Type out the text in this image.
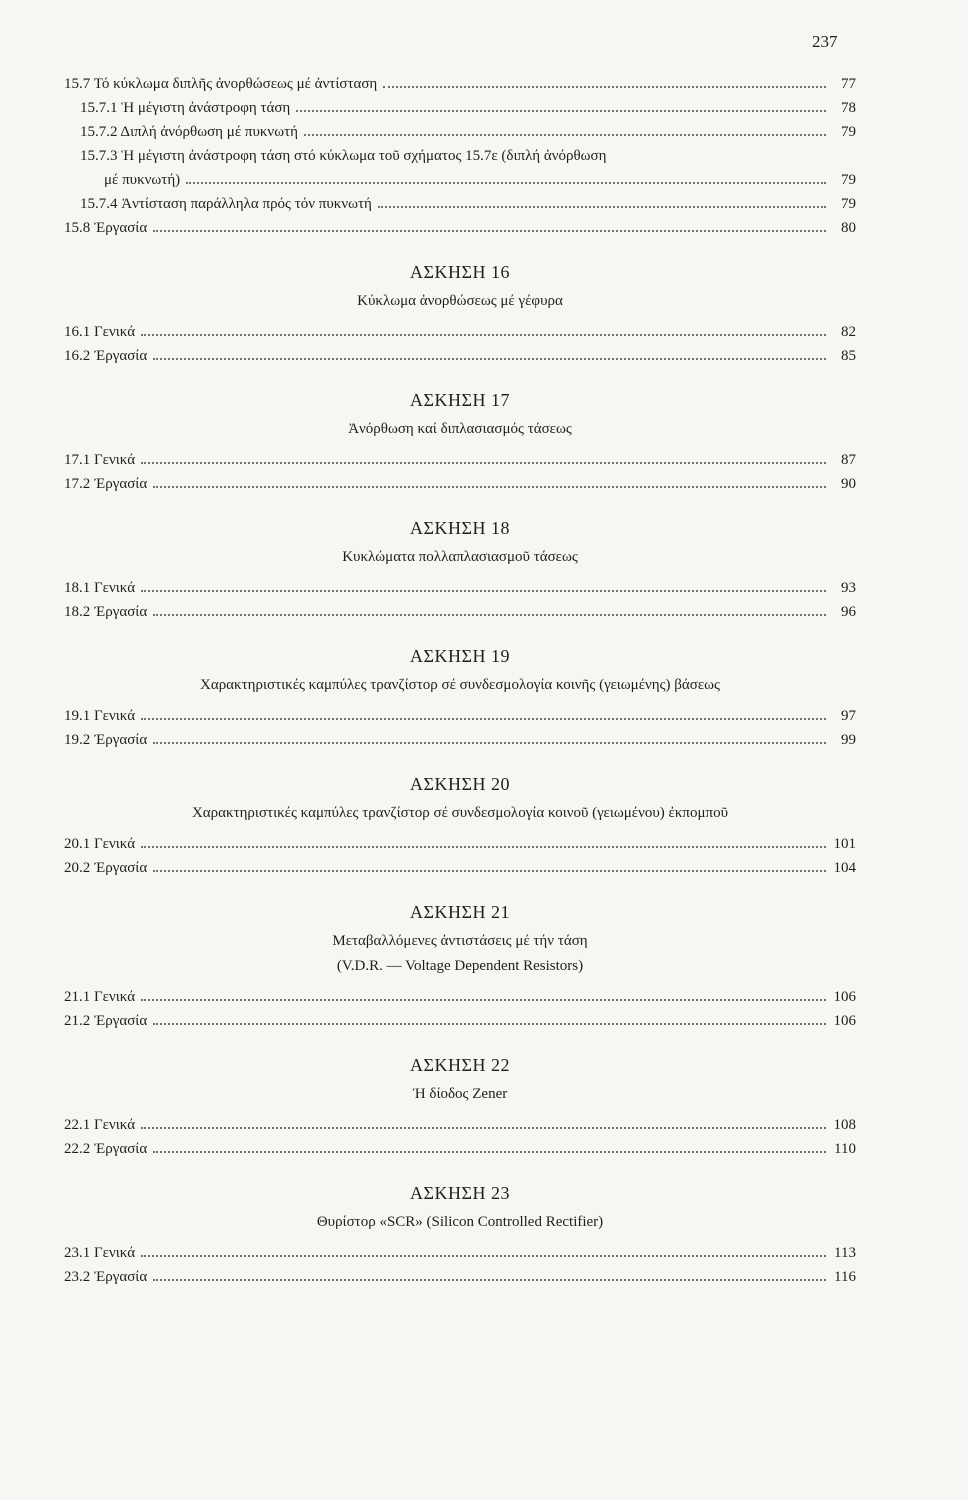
237
15.7 Τό κύκλωμα διπλῆς ἀνορθώσεως μέ ἀντίσταση	77
15.7.1 Ἡ μέγιστη ἀνάστροφη τάση	78
15.7.2 Διπλή ἀνόρθωση μέ πυκνωτή	79
15.7.3 Ἡ μέγιστη ἀνάστροφη τάση στό κύκλωμα τοῦ σχήματος 15.7ε (διπλή ἀνόρθωση
μέ πυκνωτή)	79
15.7.4 Ἀντίσταση παράλληλα πρός τόν πυκνωτή	79
15.8 Ἐργασία	80
ΑΣΚΗΣΗ 16
Κύκλωμα ἀνορθώσεως μέ γέφυρα
16.1 Γενικά	82
16.2 Ἐργασία	85
ΑΣΚΗΣΗ 17
Ἀνόρθωση καί διπλασιασμός τάσεως
17.1 Γενικά	87
17.2 Ἐργασία	90
ΑΣΚΗΣΗ 18
Κυκλώματα πολλαπλασιασμοῦ τάσεως
18.1 Γενικά	93
18.2 Ἐργασία	96
ΑΣΚΗΣΗ 19
Χαρακτηριστικές καμπύλες τρανζίστορ σέ συνδεσμολογία κοινῆς (γειωμένης) βάσεως
19.1 Γενικά	97
19.2 Ἐργασία	99
ΑΣΚΗΣΗ 20
Χαρακτηριστικές καμπύλες τρανζίστορ σέ συνδεσμολογία κοινοῦ (γειωμένου) ἐκπομποῦ
20.1 Γενικά	101
20.2 Ἐργασία	104
ΑΣΚΗΣΗ 21
Μεταβαλλόμενες ἀντιστάσεις μέ τήν τάση
(V.D.R. — Voltage Dependent Resistors)
21.1 Γενικά	106
21.2 Ἐργασία	106
ΑΣΚΗΣΗ 22
Ἡ δίοδος Zener
22.1 Γενικά	108
22.2 Ἐργασία	110
ΑΣΚΗΣΗ 23
Θυρίστορ «SCR» (Silicon Controlled Rectifier)
23.1 Γενικά	113
23.2 Ἐργασία	116
